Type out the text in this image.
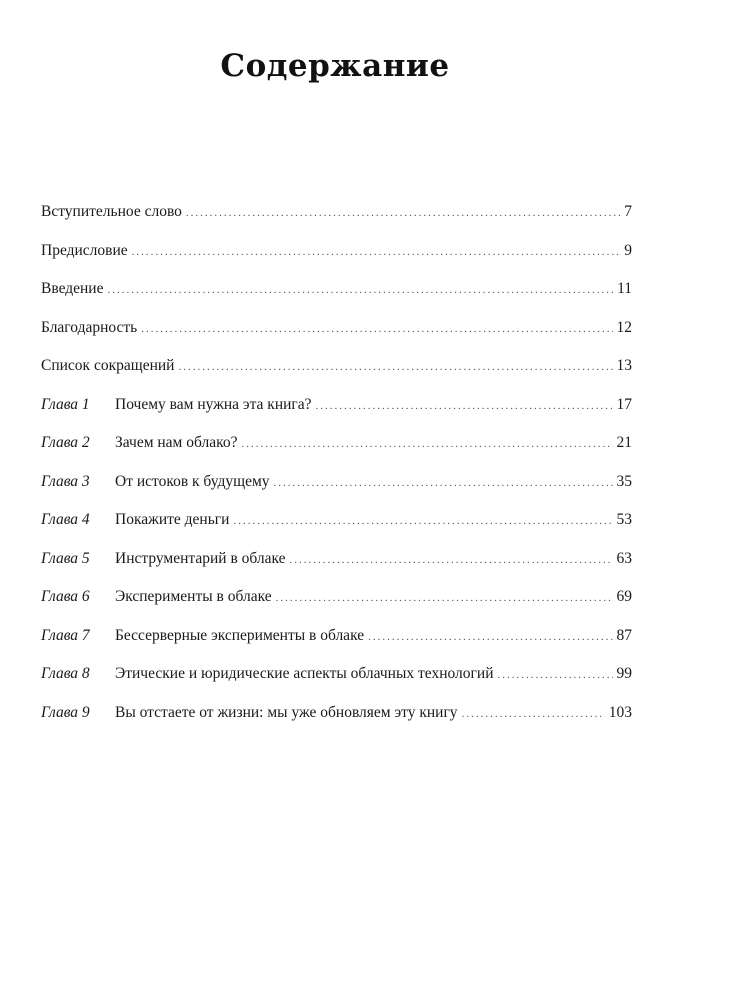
Содержание
Вступительное слово .....	7
Предисловие .....	9
Введение .....	11
Благодарность .....	12
Список сокращений .....	13
Глава 1	Почему вам нужна эта книга? .....	17
Глава 2	Зачем нам облако? .....	21
Глава 3	От истоков к будущему .....	35
Глава 4	Покажите деньги .....	53
Глава 5	Инструментарий в облаке .....	63
Глава 6	Эксперименты в облаке .....	69
Глава 7	Бессерверные эксперименты в облаке .....	87
Глава 8	Этические и юридические аспекты облачных технологий .....	99
Глава 9	Вы отстаете от жизни: мы уже обновляем эту книгу .....	103
